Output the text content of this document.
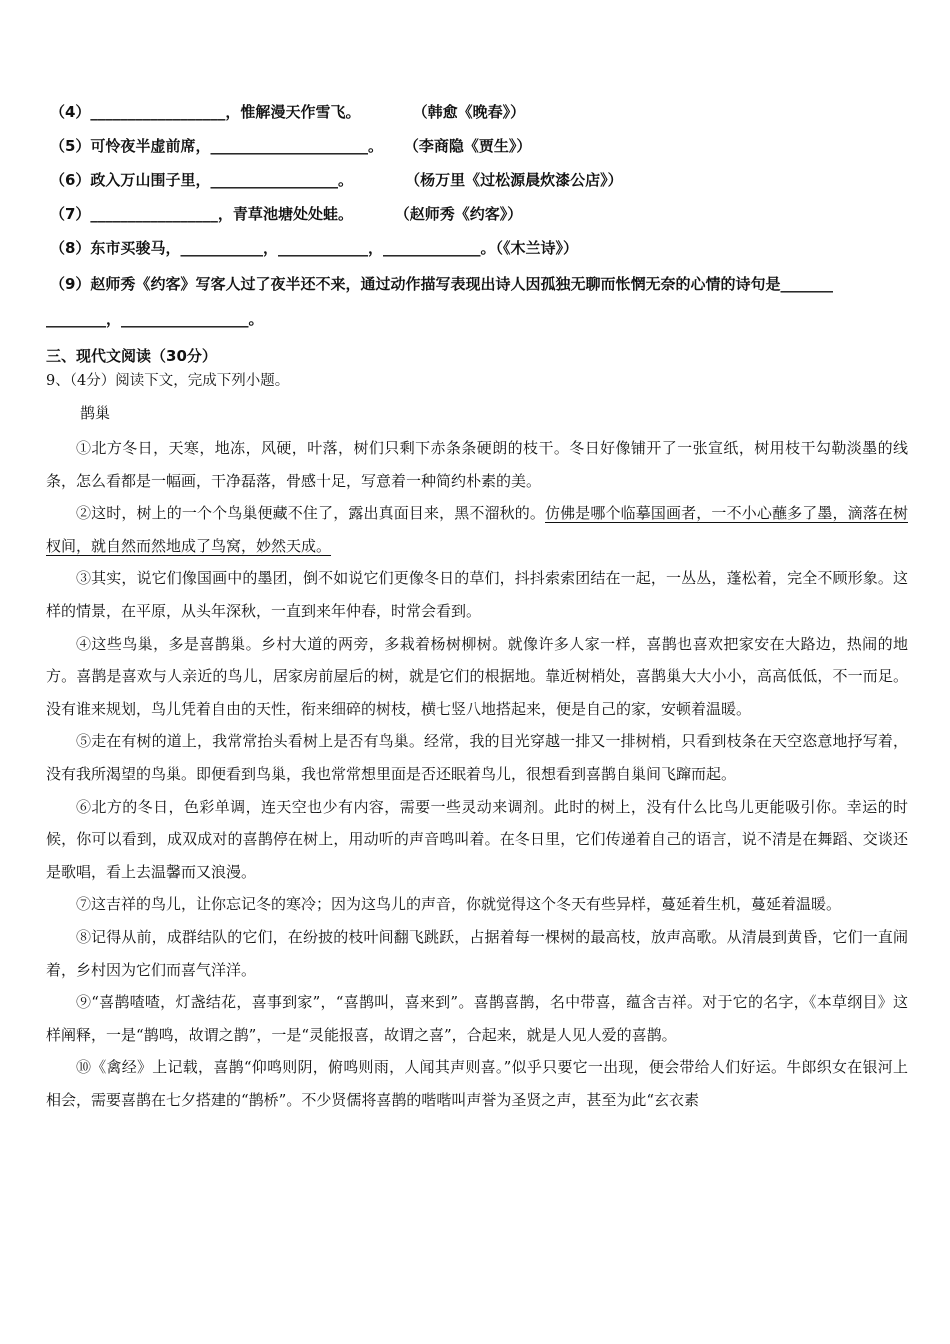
（4）__________________，惟解漫天作雪飞。          （韩愈《晚春》）
（5）可怜夜半虚前席，_____________________。    （李商隐《贾生》）
（6）政入万山围子里，_________________。          （杨万里《过松源晨炊漆公店》）
（7）_________________，青草池塘处处蛙。        （赵师秀《约客》）
（8）东市买骏马，___________，____________，_____________。（《木兰诗》）
（9）赵师秀《约客》写客人过了夜半还不来，通过动作描写表现出诗人因孤独无聊而怅惘无奈的心情的诗句是_______
________，_________________。
三、现代文阅读（30分）
9、（4分）阅读下文，完成下列小题。
鹊巢

①北方冬日，天寒，地冻，风硬，叶落，树们只剩下赤条条硬朗的枝干。冬日好像铺开了一张宣纸，树用枝干勾勒淡墨的线条，怎么看都是一幅画，干净磊落，骨感十足，写意着一种简约朴素的美。

②这时，树上的一个个鸟巢便藏不住了，露出真面目来，黑不溜秋的。仿佛是哪个临摹国画者，一不小心蘸多了墨，滴落在树杈间，就自然而然地成了鸟窝，妙然天成。

③其实，说它们像国画中的墨团，倒不如说它们更像冬日的草们，抖抖索索团结在一起，一丛丛，蓬松着，完全不顾形象。这样的情景，在平原，从头年深秋，一直到来年仲春，时常会看到。

④这些鸟巢，多是喜鹊巢。乡村大道的两旁，多栽着杨树柳树。就像许多人家一样，喜鹊也喜欢把家安在大路边，热闹的地方。喜鹊是喜欢与人亲近的鸟儿，居家房前屋后的树，就是它们的根据地。靠近树梢处，喜鹊巢大大小小，高高低低，不一而足。没有谁来规划，鸟儿凭着自由的天性，衔来细碎的树枝，横七竖八地搭起来，便是自己的家，安顿着温暖。

⑤走在有树的道上，我常常抬头看树上是否有鸟巢。经常，我的目光穿越一排又一排树梢，只看到枝条在天空恣意地抒写着，没有我所渴望的鸟巢。即便看到鸟巢，我也常常想里面是否还眠着鸟儿，很想看到喜鹊自巢间飞蹿而起。

⑥北方的冬日，色彩单调，连天空也少有内容，需要一些灵动来调剂。此时的树上，没有什么比鸟儿更能吸引你。幸运的时候，你可以看到，成双成对的喜鹊停在树上，用动听的声音鸣叫着。在冬日里，它们传递着自己的语言，说不清是在舞蹈、交谈还是歌唱，看上去温馨而又浪漫。

⑦这吉祥的鸟儿，让你忘记冬的寒冷；因为这鸟儿的声音，你就觉得这个冬天有些异样，蔓延着生机，蔓延着温暖。

⑧记得从前，成群结队的它们，在纷披的枝叶间翻飞跳跃，占据着每一棵树的最高枝，放声高歌。从清晨到黄昏，它们一直闹着，乡村因为它们而喜气洋洋。

⑨“喜鹊喳喳，灯盏结花，喜事到家”，“喜鹊叫，喜来到”。喜鹊喜鹊，名中带喜，蕴含吉祥。对于它的名字，《本草纲目》这样阐释，一是“鹊鸣，故谓之鹊”，一是“灵能报喜，故谓之喜”，合起来，就是人见人爱的喜鹊。

⑩《禽经》上记载，喜鹊“仰鸣则阴，俯鸣则雨，人闻其声则喜。”似乎只要它一出现，便会带给人们好运。牛郎织女在银河上相会，需要喜鹊在七夕搭建的“鹊桥”。不少贤儒将喜鹊的喈喈叫声誉为圣贤之声，甚至为此“玄衣素
